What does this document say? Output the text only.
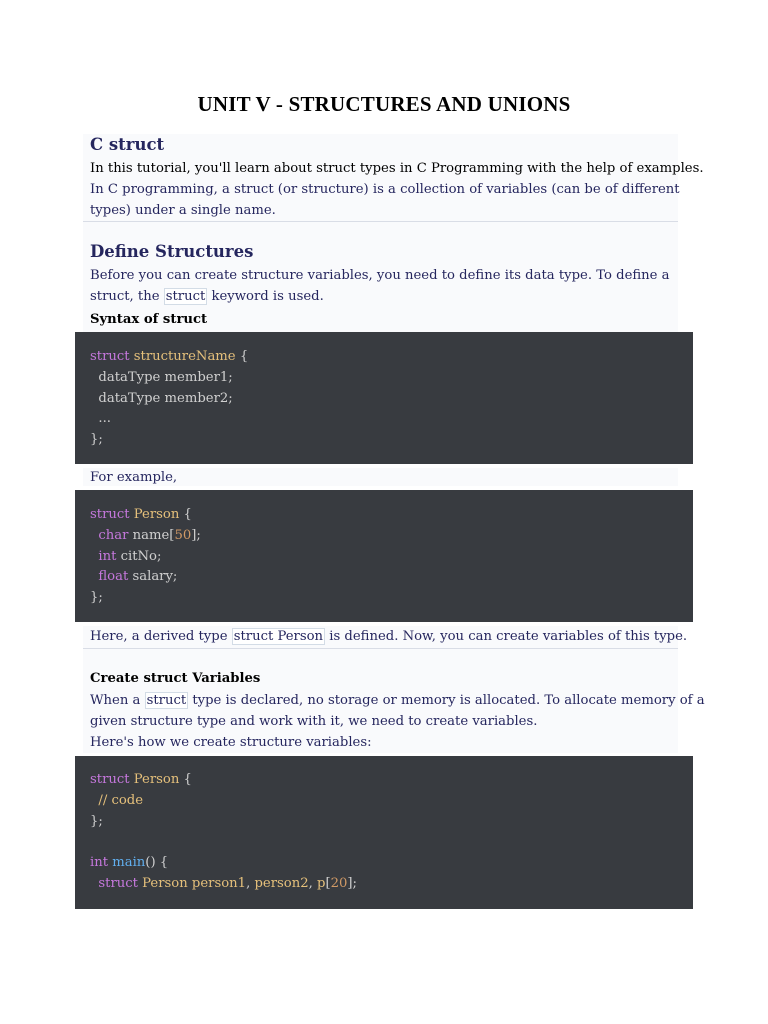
UNIT V - STRUCTURES AND UNIONS
C struct
In this tutorial, you'll learn about struct types in C Programming with the help of examples.
In C programming, a struct (or structure) is a collection of variables (can be of different
types) under a single name.
Define Structures
Before you can create structure variables, you need to define its data type. To define a
struct, the struct keyword is used.
Syntax of struct
struct structureName {
dataType member1;
dataType member2;
...
};
For example,
struct Person {
char name[50];
int citNo;
float salary;
};
Here, a derived type struct Person is defined. Now, you can create variables of this type.
Create struct Variables
When a struct type is declared, no storage or memory is allocated. To allocate memory of a
given structure type and work with it, we need to create variables.
Here's how we create structure variables:
struct Person {
// code
};
int main() {
struct Person person1, person2, p[20];
